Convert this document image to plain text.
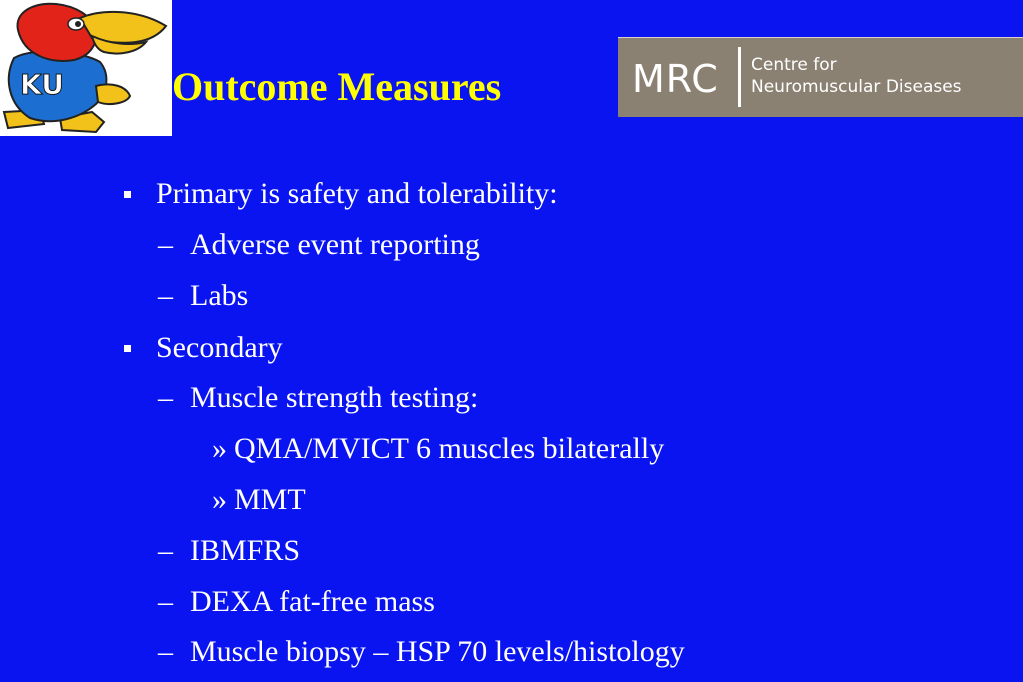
KU	Outcome Measures	MRC Centre for
Neuromuscular Diseases
Primary is safety and tolerability:
– Adverse event reporting
– Labs
Secondary
– Muscle strength testing:
» QMA/MVICT 6 muscles bilaterally
» MMT
– IBMFRS
– DEXA fat-free mass
– Muscle biopsy – HSP 70 levels/histology
